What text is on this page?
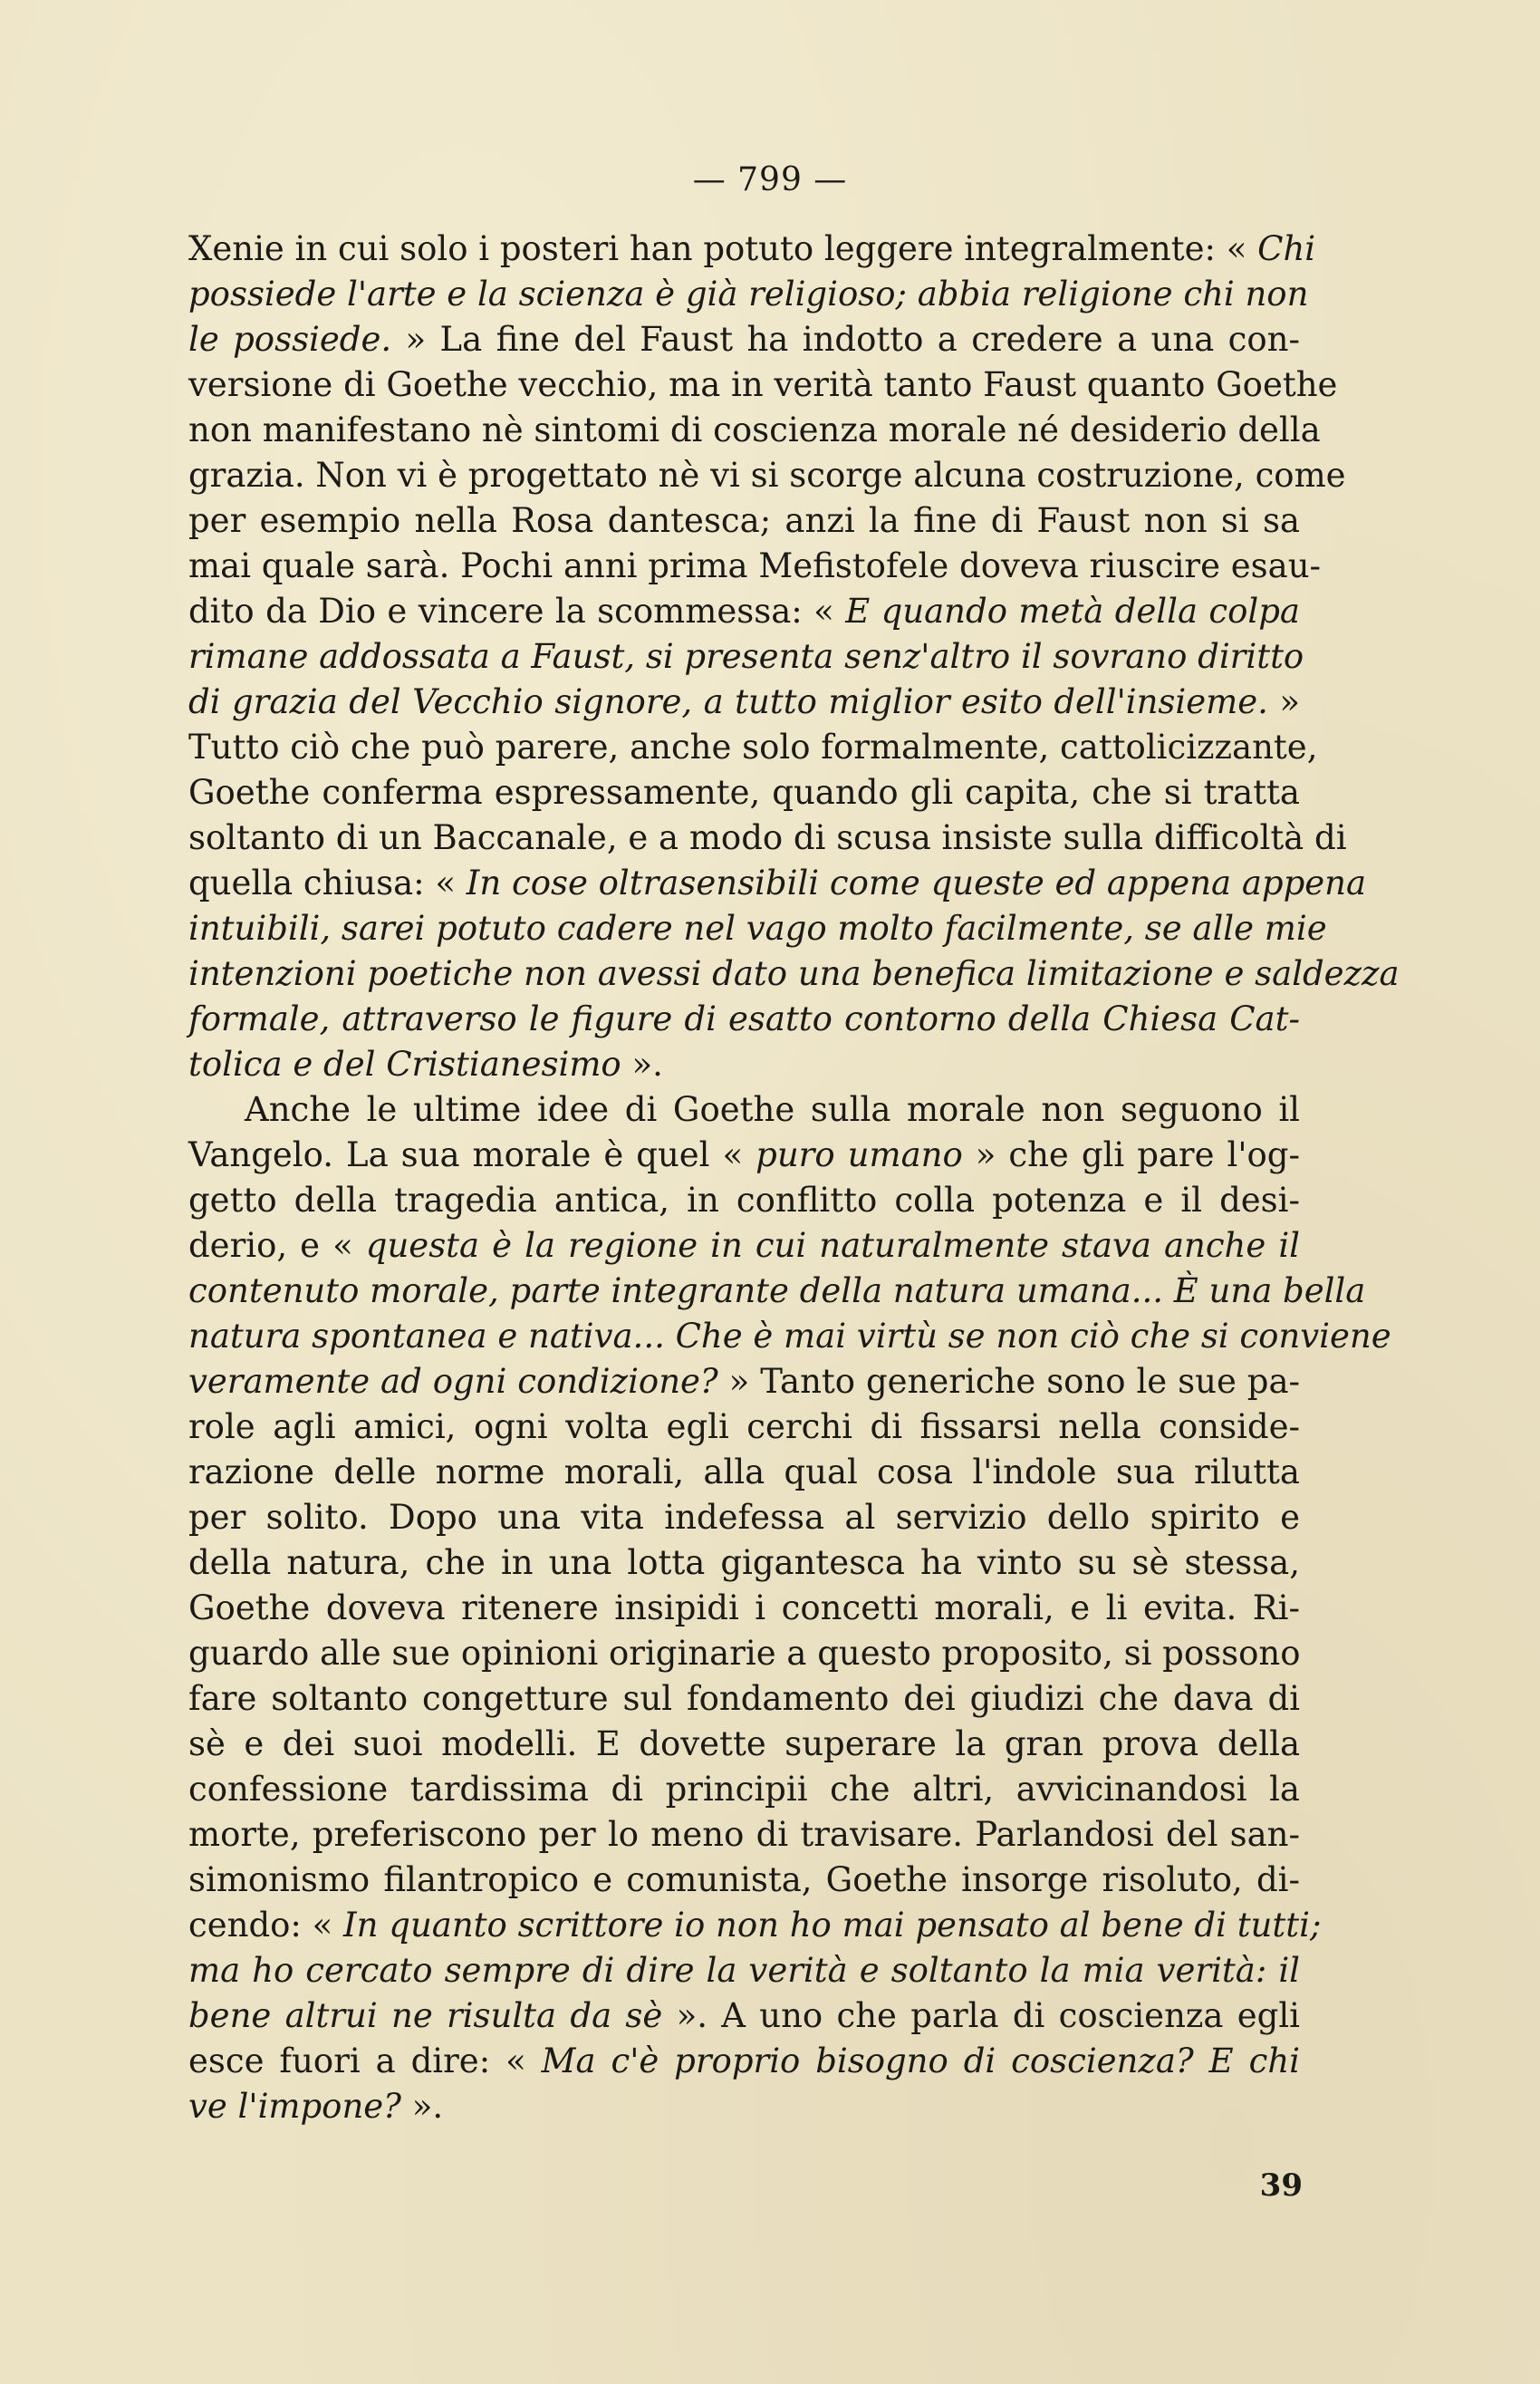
— 799 —
Xenie in cui solo i posteri han potuto leggere integralmente: « Chi
possiede l'arte e la scienza è già religioso; abbia religione chi non
le possiede. » La fine del Faust ha indotto a credere a una con-
versione di Goethe vecchio, ma in verità tanto Faust quanto Goethe
non manifestano nè sintomi di coscienza morale né desiderio della
grazia. Non vi è progettato nè vi si scorge alcuna costruzione, come
per esempio nella Rosa dantesca; anzi la fine di Faust non si sa
mai quale sarà. Pochi anni prima Mefistofele doveva riuscire esau-
dito da Dio e vincere la scommessa: « E quando metà della colpa
rimane addossata a Faust, si presenta senz'altro il sovrano diritto
di grazia del Vecchio signore, a tutto miglior esito dell'insieme. »
Tutto ciò che può parere, anche solo formalmente, cattolicizzante,
Goethe conferma espressamente, quando gli capita, che si tratta
soltanto di un Baccanale, e a modo di scusa insiste sulla difficoltà di
quella chiusa: « In cose oltrasensibili come queste ed appena appena
intuibili, sarei potuto cadere nel vago molto facilmente, se alle mie
intenzioni poetiche non avessi dato una benefica limitazione e saldezza
formale, attraverso le figure di esatto contorno della Chiesa Cat-
tolica e del Cristianesimo ».
Anche le ultime idee di Goethe sulla morale non seguono il
Vangelo. La sua morale è quel « puro umano » che gli pare l'og-
getto della tragedia antica, in conflitto colla potenza e il desi-
derio, e « questa è la regione in cui naturalmente stava anche il
contenuto morale, parte integrante della natura umana... È una bella
natura spontanea e nativa... Che è mai virtù se non ciò che si conviene
veramente ad ogni condizione? » Tanto generiche sono le sue pa-
role agli amici, ogni volta egli cerchi di fissarsi nella conside-
razione delle norme morali, alla qual cosa l'indole sua rilutta
per solito. Dopo una vita indefessa al servizio dello spirito e
della natura, che in una lotta gigantesca ha vinto su sè stessa,
Goethe doveva ritenere insipidi i concetti morali, e li evita. Ri-
guardo alle sue opinioni originarie a questo proposito, si possono
fare soltanto congetture sul fondamento dei giudizi che dava di
sè e dei suoi modelli. E dovette superare la gran prova della
confessione tardissima di principii che altri, avvicinandosi la
morte, preferiscono per lo meno di travisare. Parlandosi del san-
simonismo filantropico e comunista, Goethe insorge risoluto, di-
cendo: « In quanto scrittore io non ho mai pensato al bene di tutti;
ma ho cercato sempre di dire la verità e soltanto la mia verità: il
bene altrui ne risulta da sè ». A uno che parla di coscienza egli
esce fuori a dire: « Ma c'è proprio bisogno di coscienza? E chi
ve l'impone? ».
39
